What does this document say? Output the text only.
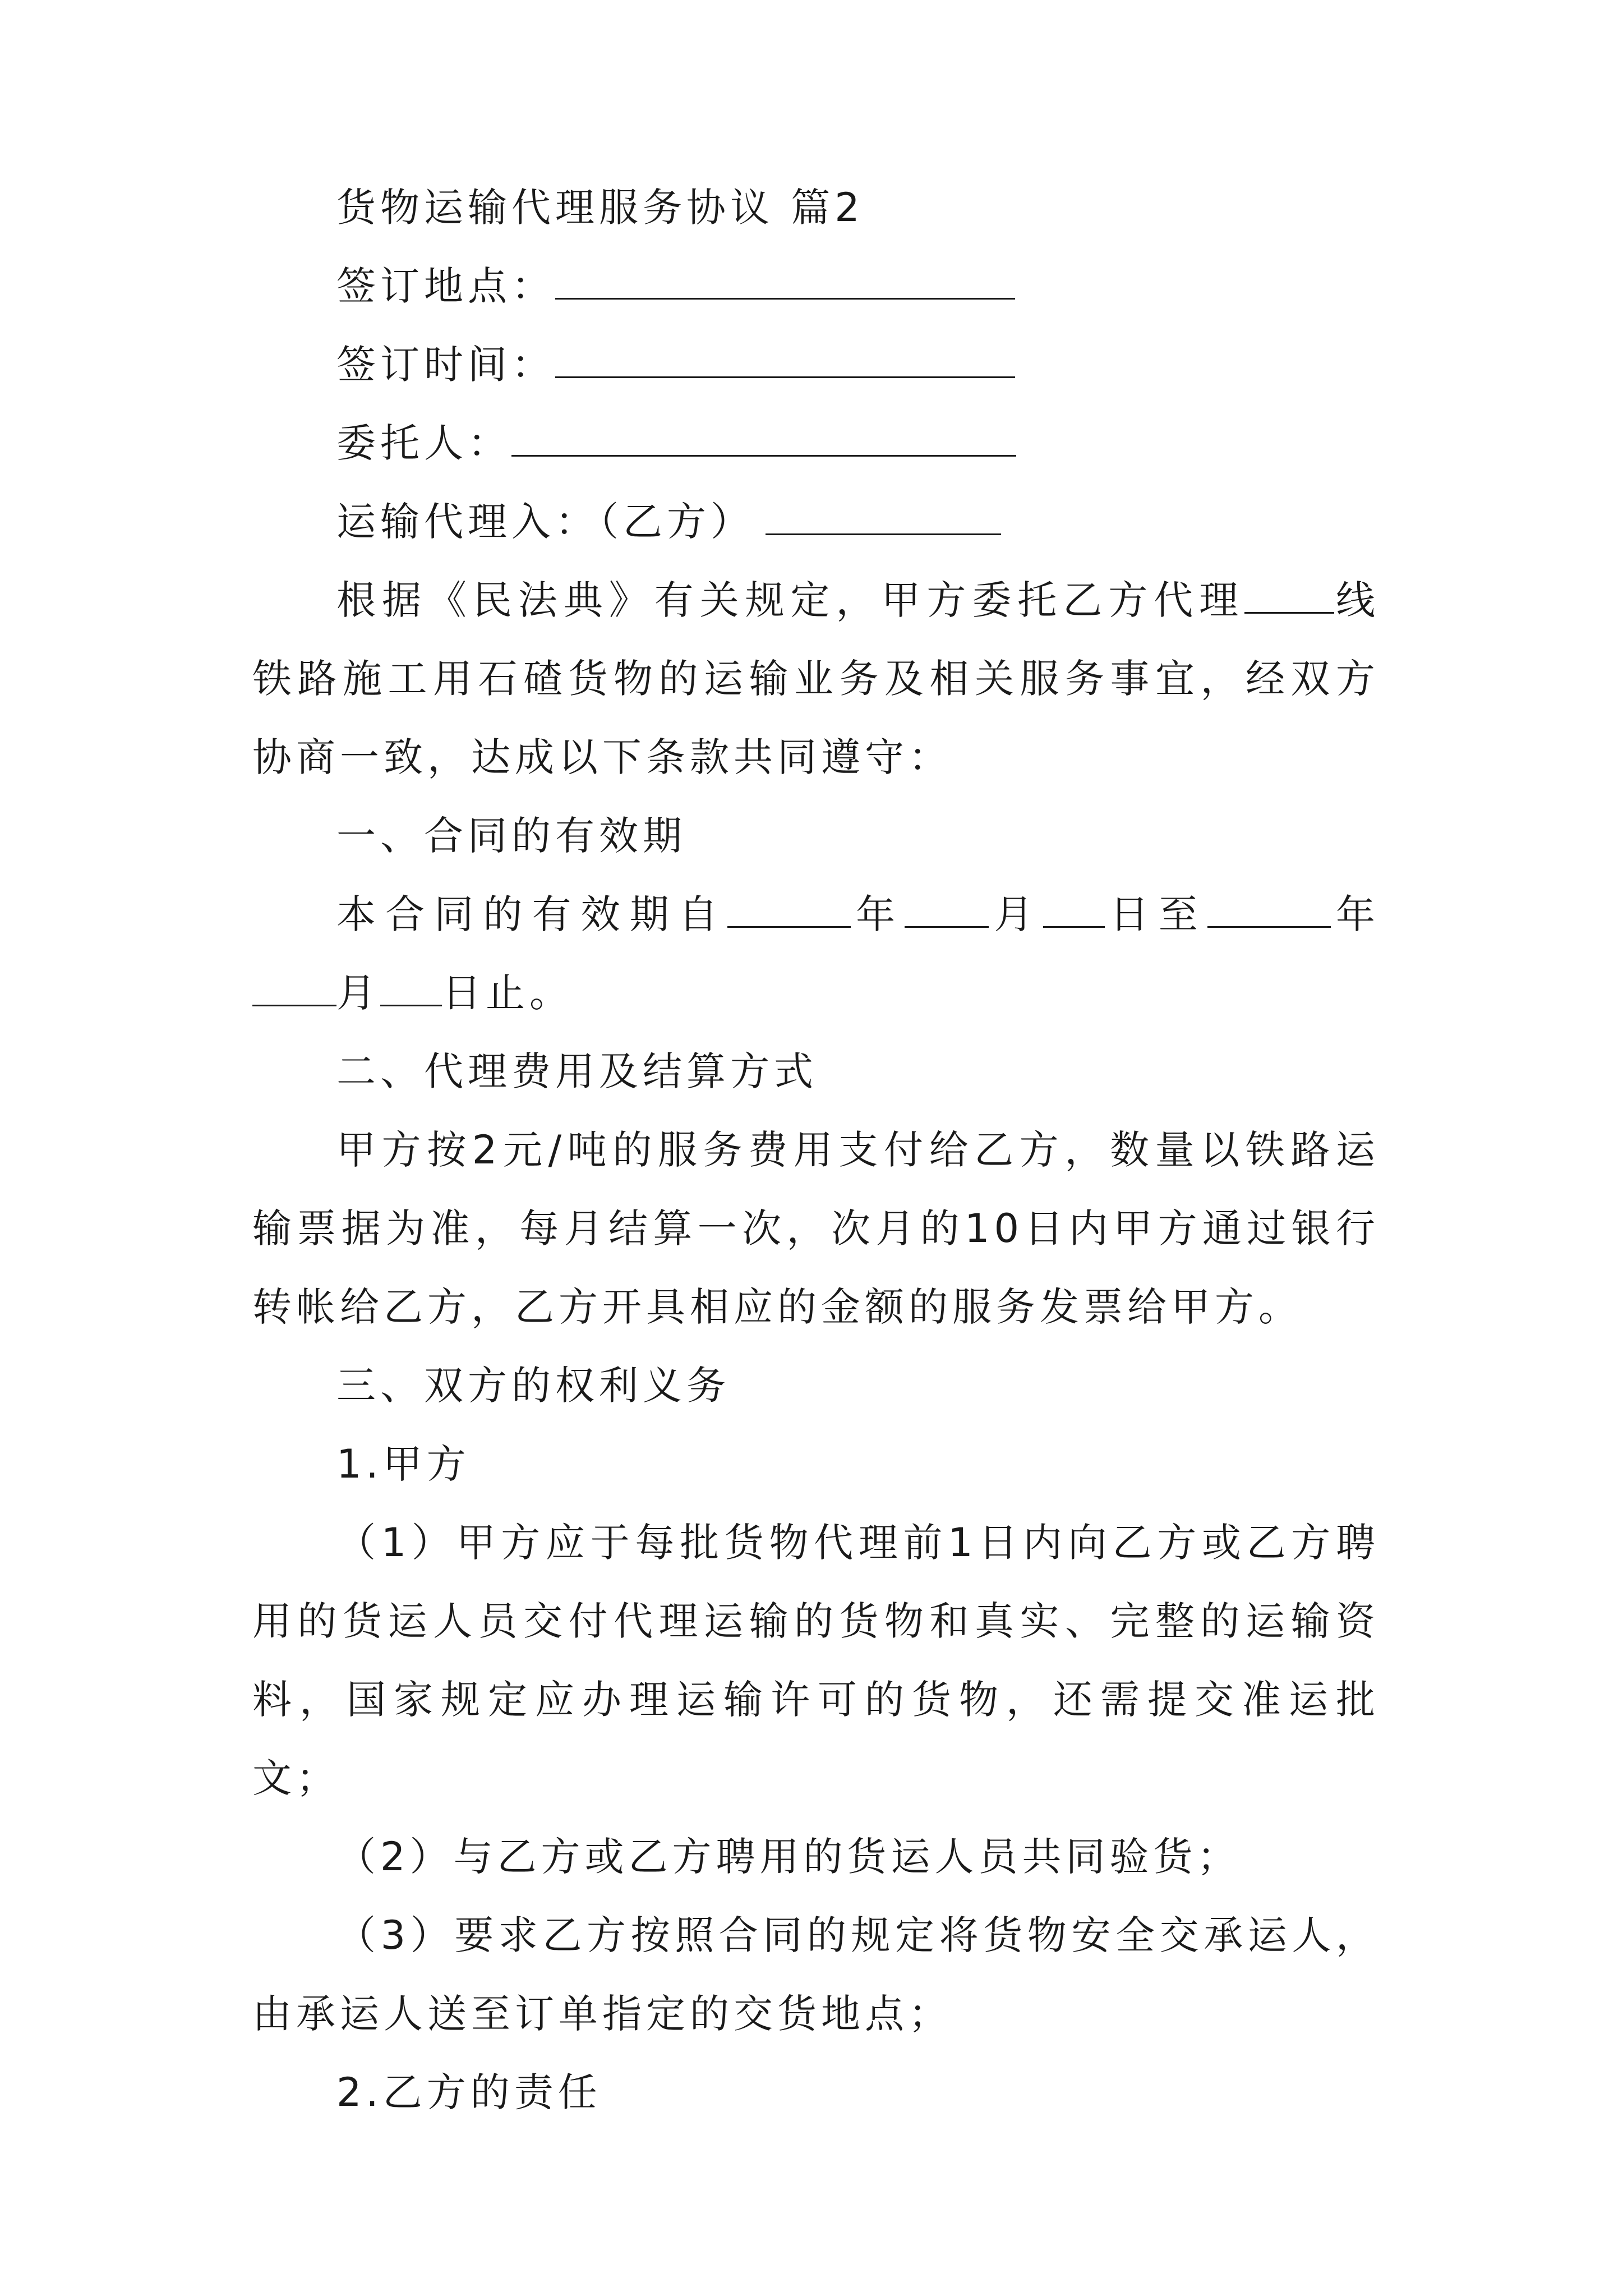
货物运输代理服务协议 篇2
签订地点：
签订时间：
委托人：
运输代理入：（乙方）
根据《民法典》有关规定，甲方委托乙方代理 线铁路施工用石碴货物的运输业务及相关服务事宜，经双方协商一致，达成以下条款共同遵守：
一、合同的有效期
本合同的有效期自	年 月 日至	年月 日止。
二、代理费用及结算方式
甲方按2元/吨的服务费用支付给乙方，数量以铁路运输票据为准，每月结算一次，次月的10日内甲方通过银行转帐给乙方，乙方开具相应的金额的服务发票给甲方。
三、双方的权利义务
1.甲方
（1）甲方应于每批货物代理前1日内向乙方或乙方聘用的货运人员交付代理运输的货物和真实、完整的运输资料，国家规定应办理运输许可的货物，还需提交准运批文；
（2）与乙方或乙方聘用的货运人员共同验货；
（3）要求乙方按照合同的规定将货物安全交承运人，由承运人送至订单指定的交货地点；
2.乙方的责任
